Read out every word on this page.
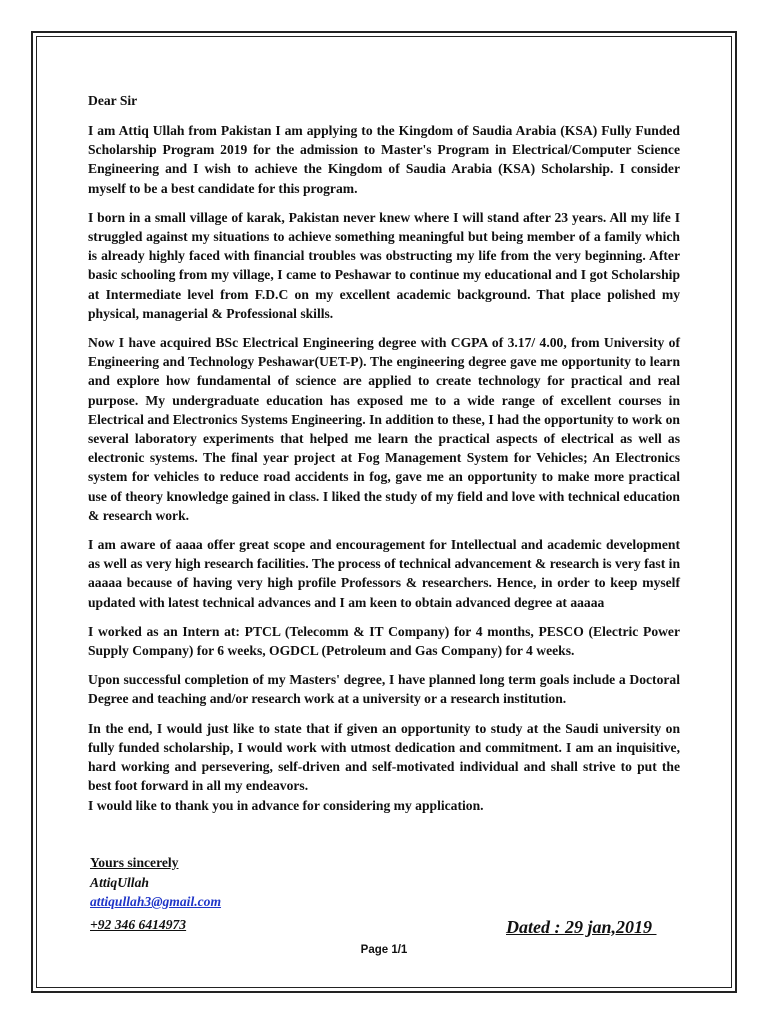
Dear Sir

I am Attiq Ullah from Pakistan I am applying to the Kingdom of Saudia Arabia (KSA) Fully Funded Scholarship Program 2019 for the admission to Master's Program in Electrical/Computer Science Engineering and I wish to achieve the Kingdom of Saudia Arabia (KSA) Scholarship. I consider myself to be a best candidate for this program.

I born in a small village of karak, Pakistan never knew where I will stand after 23 years. All my life I struggled against my situations to achieve something meaningful but being member of a family which is already highly faced with financial troubles was obstructing my life from the very beginning. After basic schooling from my village, I came to Peshawar to continue my educational and I got Scholarship at Intermediate level from F.D.C on my excellent academic background. That place polished my physical, managerial & Professional skills.

Now I have acquired BSc Electrical Engineering degree with CGPA of 3.17/ 4.00, from University of Engineering and Technology Peshawar(UET-P). The engineering degree gave me opportunity to learn and explore how fundamental of science are applied to create technology for practical and real purpose. My undergraduate education has exposed me to a wide range of excellent courses in Electrical and Electronics Systems Engineering. In addition to these, I had the opportunity to work on several laboratory experiments that helped me learn the practical aspects of electrical as well as electronic systems. The final year project at Fog Management System for Vehicles; An Electronics system for vehicles to reduce road accidents in fog, gave me an opportunity to make more practical use of theory knowledge gained in class. I liked the study of my field and love with technical education & research work.

I am aware of aaaa offer great scope and encouragement for Intellectual and academic development as well as very high research facilities. The process of technical advancement & research is very fast in aaaaa because of having very high profile Professors & researchers. Hence, in order to keep myself updated with latest technical advances and I am keen to obtain advanced degree at aaaaa

I worked as an Intern at: PTCL (Telecomm & IT Company) for 4 months, PESCO (Electric Power Supply Company) for 6 weeks, OGDCL (Petroleum and Gas Company) for 4 weeks.

Upon successful completion of my Masters' degree, I have planned long term goals include a Doctoral Degree and teaching and/or research work at a university or a research institution.

In the end, I would just like to state that if given an opportunity to study at the Saudi university on fully funded scholarship, I would work with utmost dedication and commitment. I am an inquisitive, hard working and persevering, self-driven and self-motivated individual and shall strive to put the best foot forward in all my endeavors.

I would like to thank you in advance for considering my application.

Yours sincerely
AttiqUllah
attiqullah3@gmail.com
+92 346 6414973	Dated : 29 jan,2019
Page 1/1
